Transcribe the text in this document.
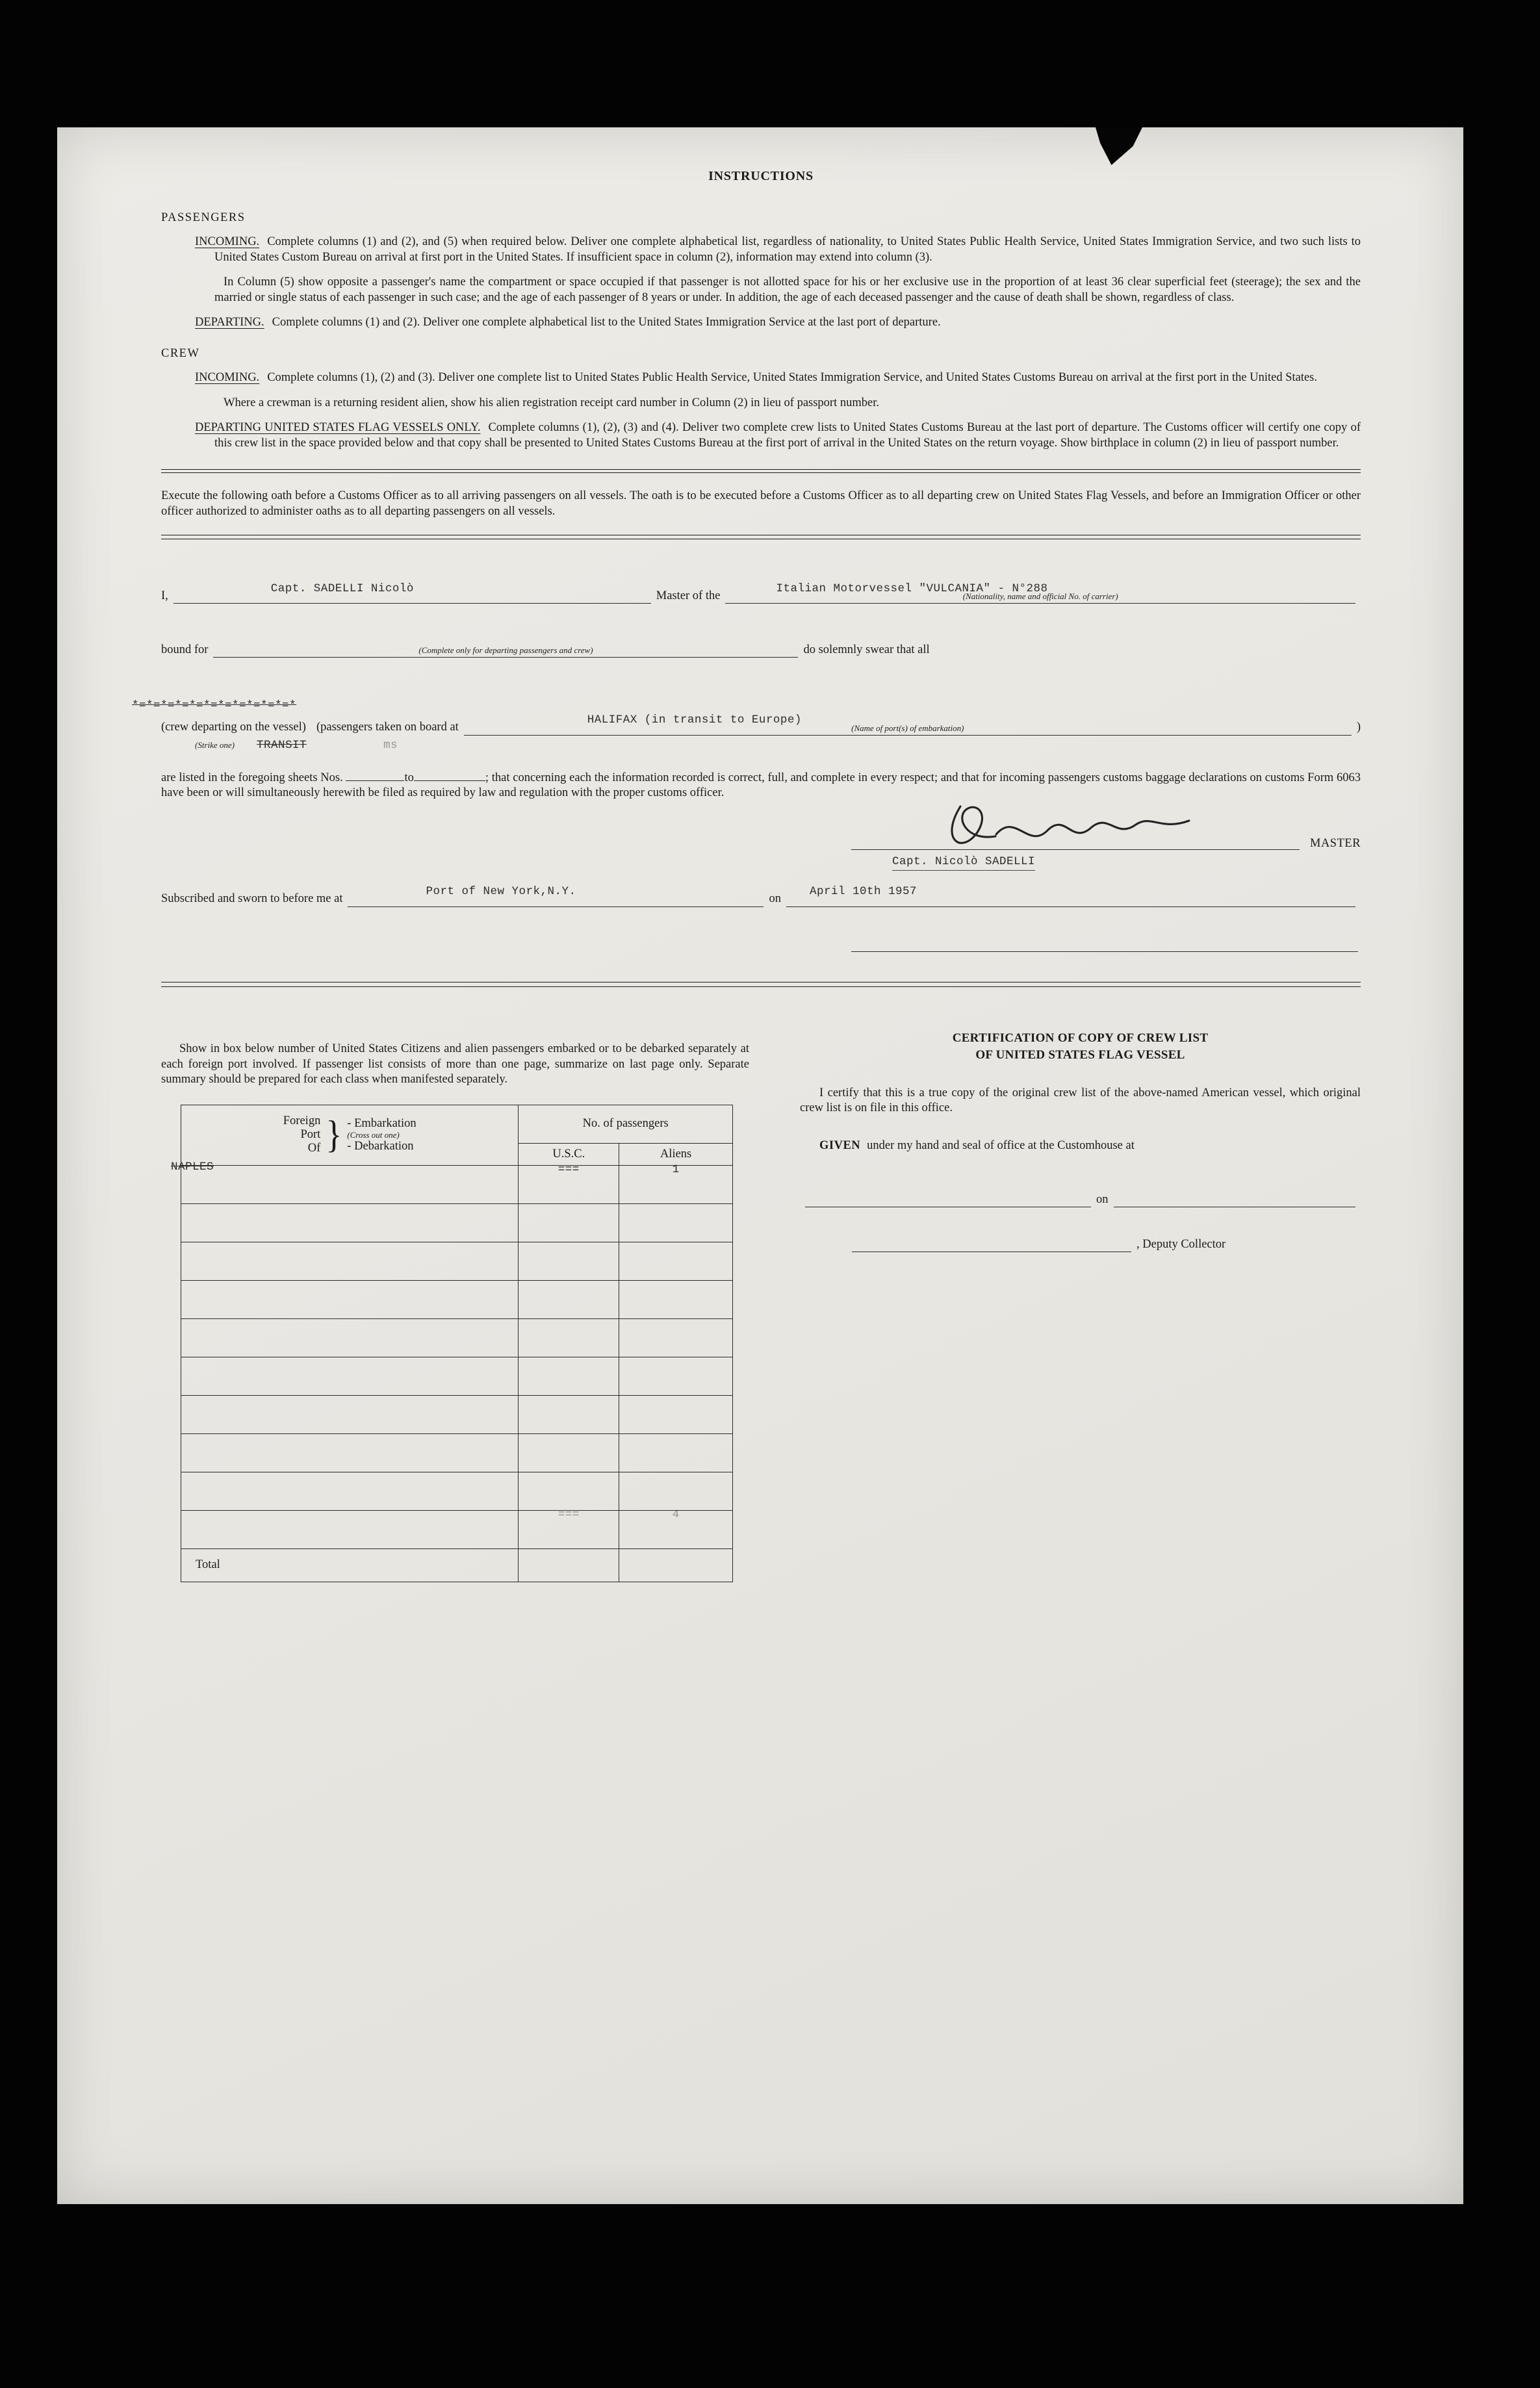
INSTRUCTIONS
PASSENGERS

INCOMING. Complete columns (1) and (2), and (5) when required below. Deliver one complete alphabetical list, regardless of nationality, to United States Public Health Service, United States Immigration Service, and two such lists to United States Custom Bureau on arrival at first port in the United States. If insufficient space in column (2), information may extend into column (3).

In Column (5) show opposite a passenger's name the compartment or space occupied if that passenger is not allotted space for his or her exclusive use in the proportion of at least 36 clear superficial feet (steerage); the sex and the married or single status of each passenger in such case; and the age of each passenger of 8 years or under. In addition, the age of each deceased passenger and the cause of death shall be shown, regardless of class.

DEPARTING. Complete columns (1) and (2). Deliver one complete alphabetical list to the United States Immigration Service at the last port of departure.

CREW

INCOMING. Complete columns (1), (2) and (3). Deliver one complete list to United States Public Health Service, United States Immigration Service, and United States Customs Bureau on arrival at the first port in the United States.

Where a crewman is a returning resident alien, show his alien registration receipt card number in Column (2) in lieu of passport number.

DEPARTING UNITED STATES FLAG VESSELS ONLY. Complete columns (1), (2), (3) and (4). Deliver two complete crew lists to United States Customs Bureau at the last port of departure. The Customs officer will certify one copy of this crew list in the space provided below and that copy shall be presented to United States Customs Bureau at the first port of arrival in the United States on the return voyage. Show birthplace in column (2) in lieu of passport number.

Execute the following oath before a Customs Officer as to all arriving passengers on all vessels. The oath is to be executed before a Customs Officer as to all departing crew on United States Flag Vessels, and before an Immigration Officer or other officer authorized to administer oaths as to all departing passengers on all vessels.

I,
Capt. SADELLI Nicolò
Master of the
Italian Motorvessel "VULCANIA" - N°288
(Nationality, name and official No. of carrier)
bound for	(Complete only for departing passengers and crew)	do solemnly swear that all
*=*=*=*=*=*=*=*=*=*=*=*
(crew departing on the vessel) (passengers taken on board at
HALIFAX (in transit to Europe)
(Name of port(s) of embarkation)	)
(Strike one) TRANSIT	ms

are listed in the foregoing sheets Nos.	to	; that concerning each the information recorded is correct, full, and complete in every respect; and that for incoming passengers customs baggage declarations on customs Form 6063 have been or will simultaneously herewith be filed as required by law and regulation with the proper customs officer.

MASTER
Capt. Nicolò SADELLI
Subscribed and sworn to before me at
Port of New York,N.Y.
on
April 10th 1957

Show in box below number of United States Citizens and alien passengers embarked or to be debarked separately at each foreign port involved. If passenger list consists of more than one page, summarize on last page only. Separate summary should be prepared for each class when manifested separately.

Foreign
Port
Of } - Embarkation
(Cross out one)
- Debarkation
	No. of passengers
	U.S.C.	Aliens
NAPLES	===	1

	===	4
Total		
CERTIFICATION OF COPY OF CREW LIST
OF UNITED STATES FLAG VESSEL

I certify that this is a true copy of the original crew list of the above-named American vessel, which original crew list is on file in this office.

GIVEN under my hand and seal of office at the Customhouse at

on
, Deputy Collector
